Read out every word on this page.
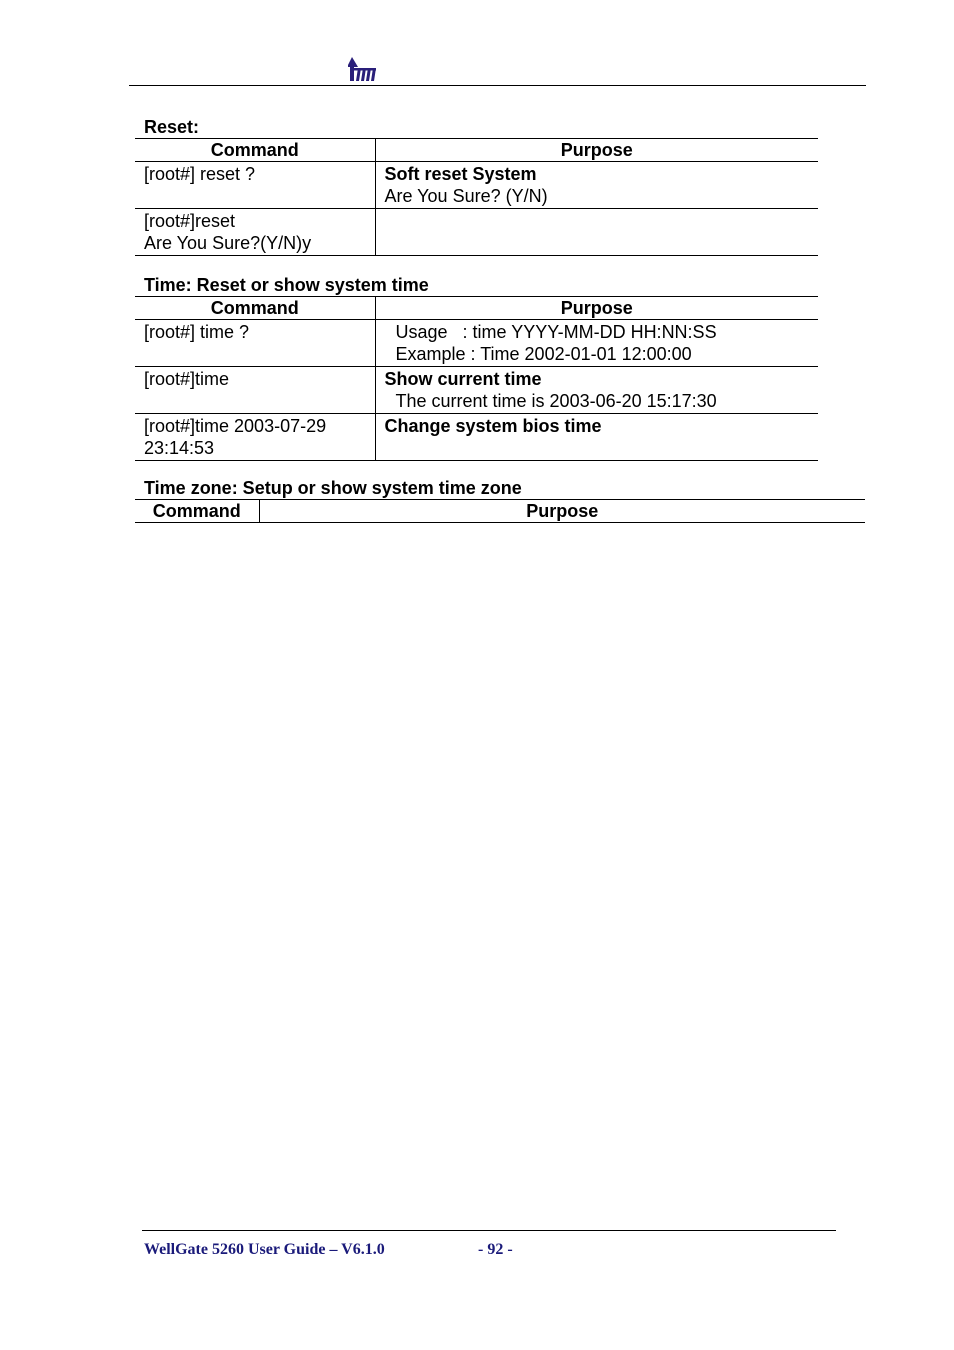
Reset:
Command	Purpose

[root#] reset ?	Soft reset System
Are You Sure? (Y/N)

[root#]reset
Are You Sure?(Y/N)y	

Time: Reset or show system time
Command	Purpose

[root#] time ?	Usage   : time YYYY-MM-DD HH:NN:SS
Example : Time 2002-01-01 12:00:00

[root#]time	Show current time
The current time is 2003-06-20 15:17:30

[root#]time 2003-07-29
23:14:53	Change system bios time
Time zone: Setup or show system time zone
Command	Purpose
WellGate 5260 User Guide – V6.1.0	- 92 -
